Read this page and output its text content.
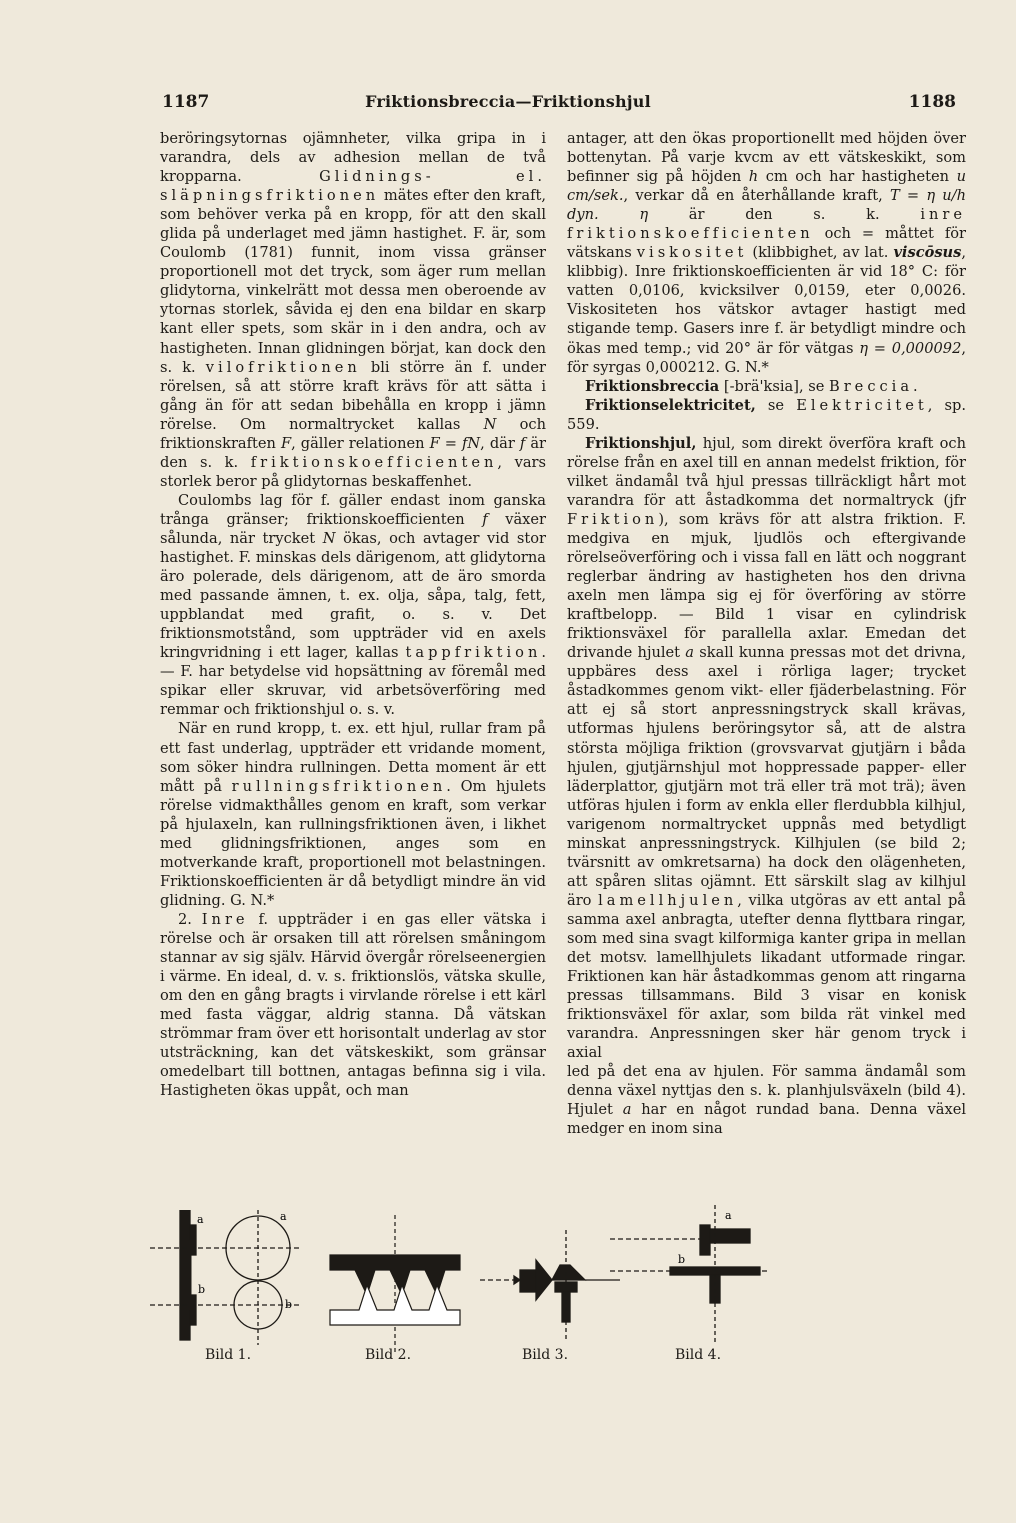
1187	Friktionsbreccia—Friktionshjul	1188

beröringsytornas ojämnheter, vilka gripa in i varandra, dels av adhesion mellan de två kropparna. Glidnings- el. släpningsfriktionen mätes efter den kraft, som behöver verka på en kropp, för att den skall glida på underlaget med jämn hastighet. F. är, som Coulomb (1781) funnit, inom vissa gränser proportionell mot det tryck, som äger rum mellan glidytorna, vinkelrätt mot dessa men oberoende av ytornas storlek, såvida ej den ena bildar en skarp kant eller spets, som skär in i den andra, och av hastigheten. Innan glidningen börjat, kan dock den s. k. vilofriktionen bli större än f. under rörelsen, så att större kraft krävs för att sätta i gång än för att sedan bibehålla en kropp i jämn rörelse. Om normaltrycket kallas N och friktionskraften F, gäller relationen F = fN, där f är den s. k. friktionskoefficienten, vars storlek beror på glidytornas beskaffenhet.

Coulombs lag för f. gäller endast inom ganska trånga gränser; friktionskoefficienten f växer sålunda, när trycket N ökas, och avtager vid stor hastighet. F. minskas dels därigenom, att glidytorna äro polerade, dels därigenom, att de äro smorda med passande ämnen, t. ex. olja, såpa, talg, fett, uppblandat med grafit, o. s. v. Det friktionsmotstånd, som uppträder vid en axels kringvridning i ett lager, kallas tappfriktion. — F. har betydelse vid hopsättning av föremål med spikar eller skruvar, vid arbetsöverföring med remmar och friktionshjul o. s. v.

När en rund kropp, t. ex. ett hjul, rullar fram på ett fast underlag, uppträder ett vridande moment, som söker hindra rullningen. Detta moment är ett mått på rullningsfriktionen. Om hjulets rörelse vidmakthålles genom en kraft, som verkar på hjulaxeln, kan rullningsfriktionen även, i likhet med glidningsfriktionen, anges som en motverkande kraft, proportionell mot belastningen. Friktionskoefficienten är då betydligt mindre än vid glidning. G. N.*

2. Inre f. uppträder i en gas eller vätska i rörelse och är orsaken till att rörelsen småningom stannar av sig själv. Härvid övergår rörelseenergien i värme. En ideal, d. v. s. friktionslös, vätska skulle, om den en gång bragts i virvlande rörelse i ett kärl med fasta väggar, aldrig stanna. Då vätskan strömmar fram över ett horisontalt underlag av stor utsträckning, kan det vätskeskikt, som gränsar omedelbart till bottnen, antagas befinna sig i vila. Hastigheten ökas uppåt, och man

antager, att den ökas proportionellt med höjden över bottenytan. På varje kvcm av ett vätskeskikt, som befinner sig på höjden h cm och har hastigheten u cm/sek., verkar då en återhållande kraft, T = η u/h dyn.	η är den s. k. inre friktionskoefficienten och = måttet för vätskans viskositet (klibbighet, av lat. viscōsus, klibbig). Inre friktionskoefficienten är vid 18° C: för vatten 0,0106, kvicksilver 0,0159, eter 0,0026. Viskositeten hos vätskor avtager hastigt med stigande temp. Gasers inre f. är betydligt mindre och ökas med temp.; vid 20° är för vätgas η = 0,000092, för syrgas 0,000212. G. N.*

Friktionsbreccia [-brä'ksia], se Breccia.

Friktionselektricitet, se Elektricitet, sp. 559.

Friktionshjul, hjul, som direkt överföra kraft och rörelse från en axel till en annan medelst friktion, för vilket ändamål två hjul pressas tillräckligt hårt mot varandra för att åstadkomma det normaltryck (jfr Friktion), som krävs för att alstra friktion. F. medgiva en mjuk, ljudlös och eftergivande rörelseöverföring och i vissa fall en lätt och noggrant reglerbar ändring av hastigheten hos den drivna axeln men lämpa sig ej för överföring av större kraftbelopp. — Bild 1 visar en cylindrisk friktionsväxel för parallella axlar. Emedan det drivande hjulet a skall kunna pressas mot det drivna, uppbäres dess axel i rörliga lager; trycket åstadkommes genom vikt- eller fjäderbelastning. För att ej så stort anpressningstryck skall krävas, utformas hjulens beröringsytor så, att de alstra största möjliga friktion (grovsvarvat gjutjärn i båda hjulen, gjutjärnshjul mot hoppressade papper- eller läderplattor, gjutjärn mot trä eller trä mot trä); även utföras hjulen i form av enkla eller flerdubbla kilhjul, varigenom normaltrycket uppnås med betydligt minskat anpressningstryck. Kilhjulen (se bild 2; tvärsnitt av omkretsarna) ha dock den olägenheten, att spåren slitas ojämnt. Ett särskilt slag av kilhjul äro lamellhjulen, vilka utgöras av ett antal på samma axel anbragta, utefter denna flyttbara ringar, som med sina svagt kilformiga kanter gripa in mellan det motsv. lamellhjulets likadant utformade ringar. Friktionen kan här åstadkommas genom att ringarna pressas tillsammans. Bild 3 visar en konisk friktionsväxel för axlar, som bilda rät vinkel med varandra. Anpressningen sker här genom tryck i axial

led på det ena av hjulen. För samma ändamål som denna växel nyttjas den s. k. planhjulsväxeln (bild 4). Hjulet a har en något rundad bana. Denna växel medger en inom sina

a
b
a
b
Bild 1.	Bild 2.	Bild 3.
a
b
Bild 4.
